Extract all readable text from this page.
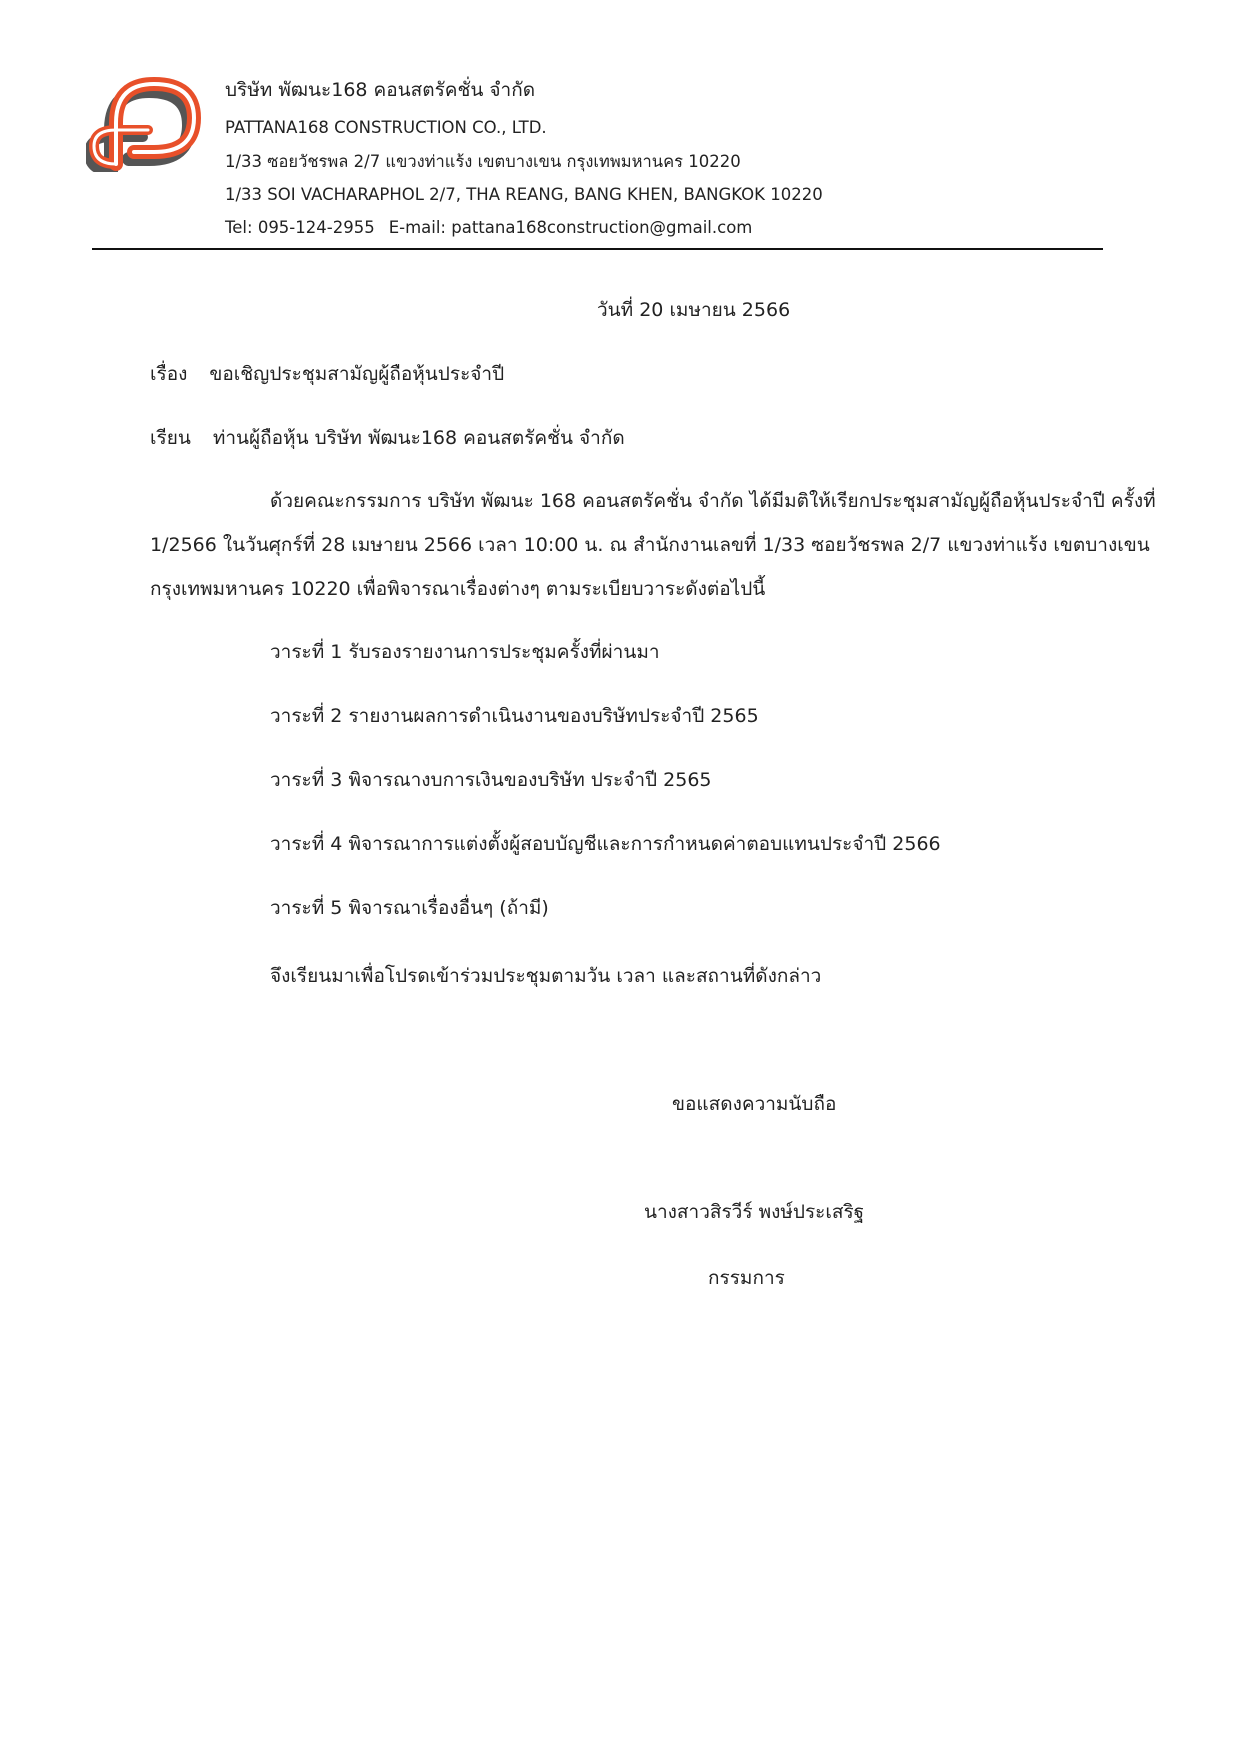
บริษัท พัฒนะ168 คอนสตรัคชั่น จำกัด
PATTANA168 CONSTRUCTION CO., LTD.
1/33 ซอยวัชรพล 2/7 แขวงท่าแร้ง เขตบางเขน กรุงเทพมหานคร 10220
1/33 SOI VACHARAPHOL 2/7, THA REANG, BANG KHEN, BANGKOK 10220
Tel: 095-124-2955 E-mail: pattana168construction@gmail.com
วันที่ 20 เมษายน 2566
เรื่อง ขอเชิญประชุมสามัญผู้ถือหุ้นประจำปี
เรียน ท่านผู้ถือหุ้น บริษัท พัฒนะ168 คอนสตรัคชั่น จำกัด
ด้วยคณะกรรมการ บริษัท พัฒนะ 168 คอนสตรัคชั่น จำกัด ได้มีมติให้เรียกประชุมสามัญผู้ถือหุ้นประจำปี ครั้งที่
1/2566 ในวันศุกร์ที่ 28 เมษายน 2566 เวลา 10:00 น. ณ สำนักงานเลขที่ 1/33 ซอยวัชรพล 2/7 แขวงท่าแร้ง เขตบางเขน
กรุงเทพมหานคร 10220 เพื่อพิจารณาเรื่องต่างๆ ตามระเบียบวาระดังต่อไปนี้
วาระที่ 1 รับรองรายงานการประชุมครั้งที่ผ่านมา
วาระที่ 2 รายงานผลการดำเนินงานของบริษัทประจำปี 2565
วาระที่ 3 พิจารณางบการเงินของบริษัท ประจำปี 2565
วาระที่ 4 พิจารณาการแต่งตั้งผู้สอบบัญชีและการกำหนดค่าตอบแทนประจำปี 2566
วาระที่ 5 พิจารณาเรื่องอื่นๆ (ถ้ามี)
จึงเรียนมาเพื่อโปรดเข้าร่วมประชุมตามวัน เวลา และสถานที่ดังกล่าว
ขอแสดงความนับถือ
นางสาวสิรวีร์ พงษ์ประเสริฐ
กรรมการ
